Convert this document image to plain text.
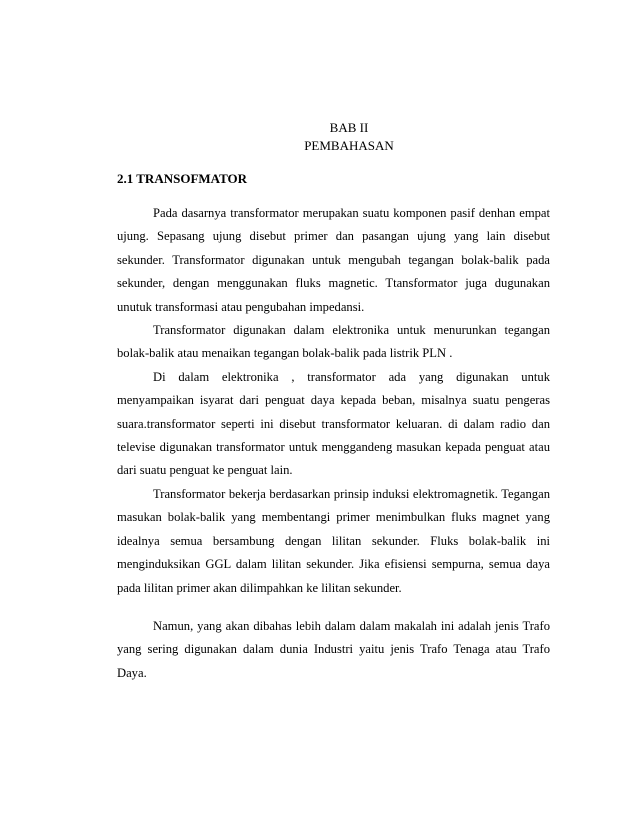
BAB II
PEMBAHASAN
2.1 TRANSOFMATOR

Pada dasarnya transformator merupakan suatu komponen pasif denhan empat ujung. Sepasang ujung disebut primer dan pasangan ujung yang lain disebut sekunder. Transformator digunakan untuk mengubah tegangan bolak-balik pada sekunder, dengan menggunakan fluks magnetic. Ttansformator juga dugunakan unutuk transformasi atau pengubahan impedansi.

Transformator digunakan dalam elektronika untuk menurunkan tegangan bolak-balik atau menaikan tegangan bolak-balik pada listrik PLN .

Di dalam elektronika , transformator ada yang digunakan untuk menyampaikan isyarat dari penguat daya kepada beban, misalnya suatu pengeras suara.transformator seperti ini disebut transformator keluaran. di dalam radio dan televise digunakan transformator untuk menggandeng masukan kepada penguat atau dari suatu penguat ke penguat lain.

Transformator bekerja berdasarkan prinsip induksi elektromagnetik. Tegangan masukan bolak-balik yang membentangi primer menimbulkan fluks magnet yang idealnya semua bersambung dengan lilitan sekunder. Fluks bolak-balik ini menginduksikan GGL dalam lilitan sekunder. Jika efisiensi sempurna, semua daya pada lilitan primer akan dilimpahkan ke lilitan sekunder.

Namun, yang akan dibahas lebih dalam dalam makalah ini adalah jenis Trafo yang sering digunakan dalam dunia Industri yaitu jenis Trafo Tenaga atau Trafo Daya.
